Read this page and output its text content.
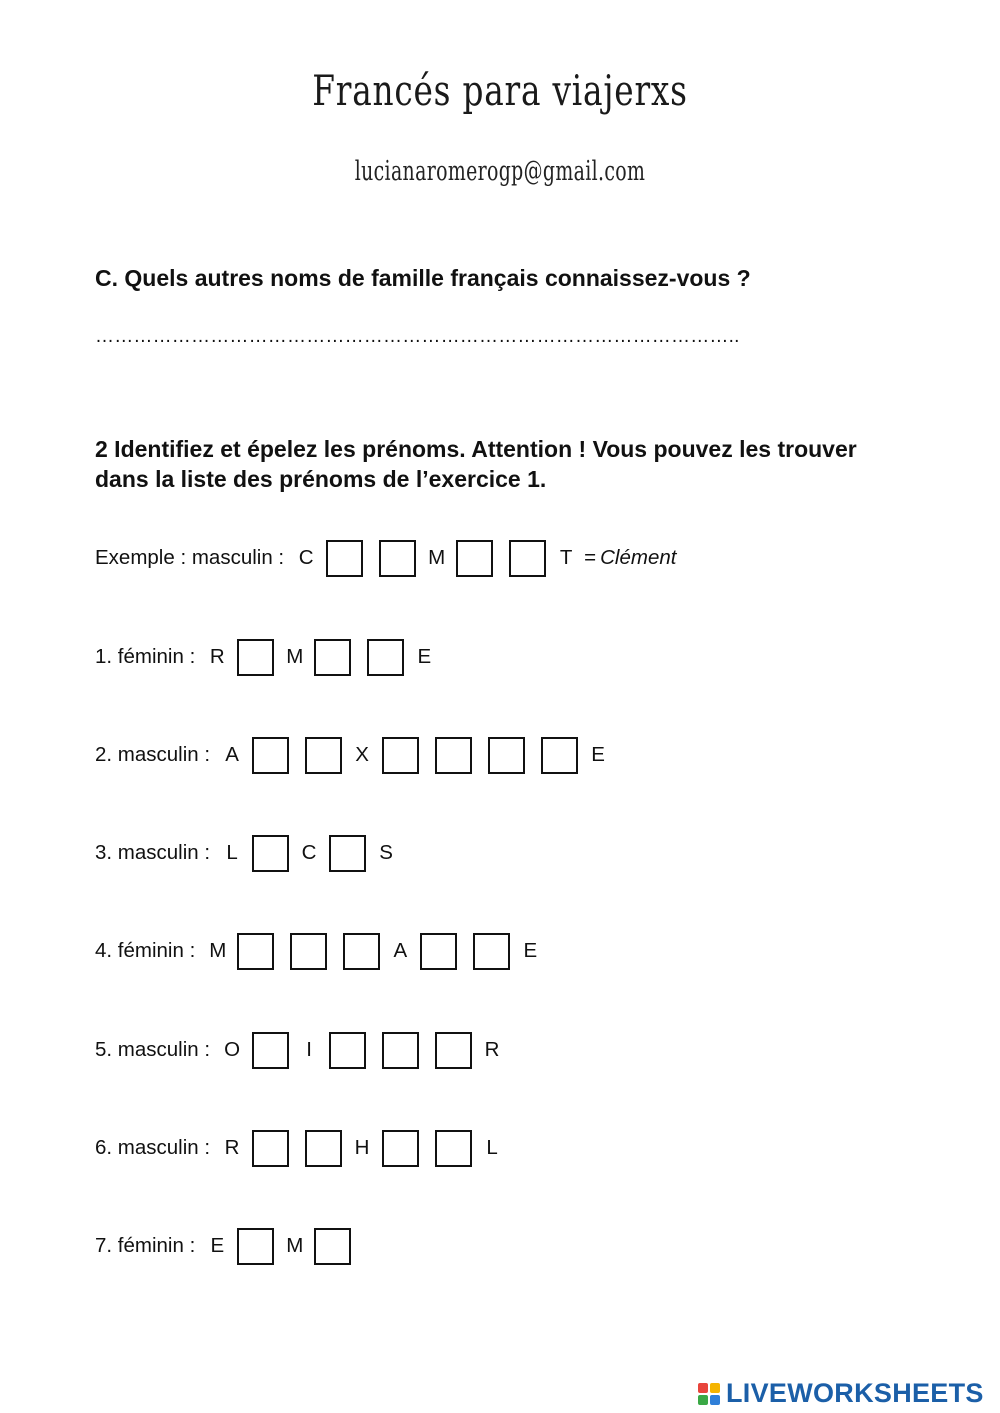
Francés para viajerxs
lucianaromerogp@gmail.com
C. Quels autres noms de famille français connaissez-vous ?
………………………………………………………………………………………..
2 Identifiez et épelez les prénoms. Attention ! Vous pouvez les trouver dans la liste des prénoms de l’exercice 1.
Exemple : masculin : C	M	T = Clément
1. féminin : R	M	E
2. masculin : A	X	E
3. masculin : L	C	S
4. féminin : M	A	E
5. masculin : O	I	R
6. masculin : R	H	L
7. féminin : E	M
LIVEWORKSHEETS
